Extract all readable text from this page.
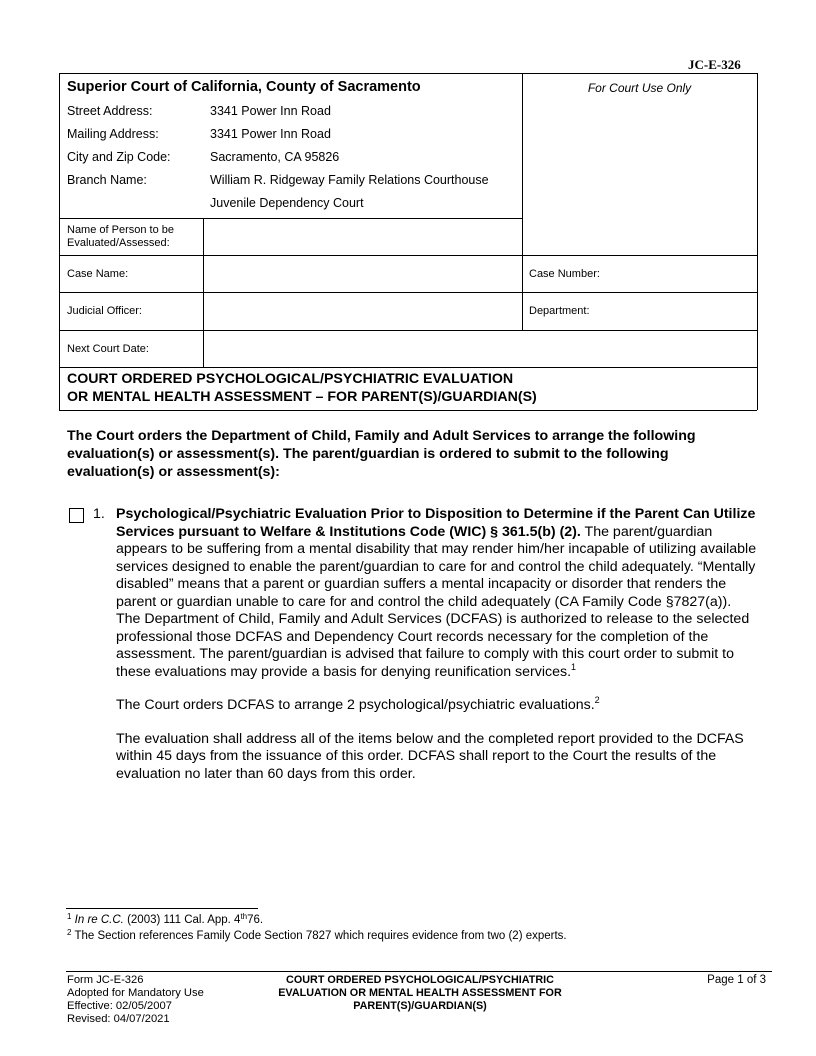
JC-E-326
Superior Court of California, County of Sacramento	For Court Use Only
Street Address:	3341 Power Inn Road
Mailing Address:	3341 Power Inn Road
City and Zip Code:	Sacramento, CA 95826
Branch Name:	William R. Ridgeway Family Relations Courthouse
Juvenile Dependency Court
Name of Person to be Evaluated/Assessed:
Case Name:	Case Number:
Judicial Officer:	Department:
Next Court Date:
COURT ORDERED PSYCHOLOGICAL/PSYCHIATRIC EVALUATION
OR MENTAL HEALTH ASSESSMENT – FOR PARENT(S)/GUARDIAN(S)
The Court orders the Department of Child, Family and Adult Services to arrange the following evaluation(s) or assessment(s). The parent/guardian is ordered to submit to the following evaluation(s) or assessment(s):
1. Psychological/Psychiatric Evaluation Prior to Disposition to Determine if the Parent Can Utilize Services pursuant to Welfare & Institutions Code (WIC) § 361.5(b) (2). The parent/guardian appears to be suffering from a mental disability that may render him/her incapable of utilizing available services designed to enable the parent/guardian to care for and control the child adequately. “Mentally disabled” means that a parent or guardian suffers a mental incapacity or disorder that renders the parent or guardian unable to care for and control the child adequately (CA Family Code §7827(a)). The Department of Child, Family and Adult Services (DCFAS) is authorized to release to the selected professional those DCFAS and Dependency Court records necessary for the completion of the assessment. The parent/guardian is advised that failure to comply with this court order to submit to these evaluations may provide a basis for denying reunification services.$^1$

The Court orders DCFAS to arrange 2 psychological/psychiatric evaluations.$^2$

The evaluation shall address all of the items below and the completed report provided to the DCFAS within 45 days from the issuance of this order. DCFAS shall report to the Court the results of the evaluation no later than 60 days from this order.

$^1$ In re C.C. (2003) 111 Cal. App. 4th76.
$^2$ The Section references Family Code Section 7827 which requires evidence from two (2) experts.
Form JC-E-326
Adopted for Mandatory Use
Effective: 02/05/2007
Revised: 04/07/2021
COURT ORDERED PSYCHOLOGICAL/PSYCHIATRIC
EVALUATION OR MENTAL HEALTH ASSESSMENT FOR
PARENT(S)/GUARDIAN(S)
Page 1 of 3
